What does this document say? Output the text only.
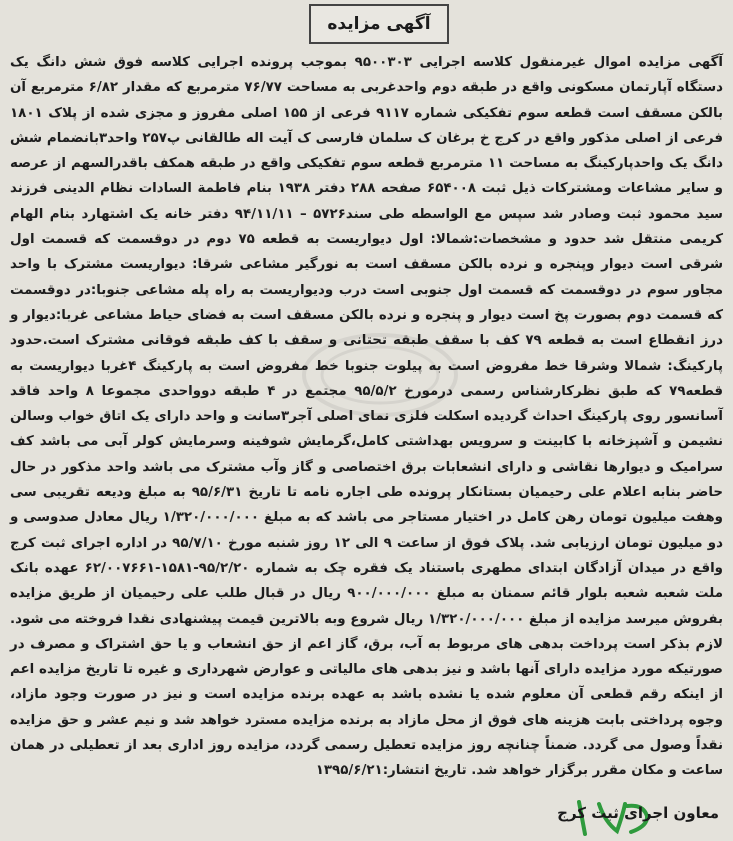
آگهی مزایده
آگهی مزایده اموال غیرمنقول کلاسه اجرایی ۹۵۰۰۳۰۳ بموجب پرونده اجرایی کلاسه فوق شش دانگ یک دستگاه آپارتمان مسکونی واقع در طبقه دوم واحدغربی به مساحت ۷۶/۷۷ مترمربع که مقدار ۶/۸۲ مترمربع آن بالکن مسقف است قطعه سوم تفکیکی شماره ۹۱۱۷ فرعی از ۱۵۵ اصلی مفروز و مجزی شده از پلاک ۱۸۰۱ فرعی از اصلی مذکور واقع در کرج خ برغان ک سلمان فارسی ک آیت اله طالقانی پ۲۵۷ واحد۳بانضمام شش دانگ یک واحدپارکینگ به مساحت ۱۱ مترمربع قطعه سوم تفکیکی واقع در طبقه همکف باقدرالسهم از عرصه و سایر مشاعات ومشترکات ذیل ثبت ۶۵۴۰۰۸ صفحه ۲۸۸ دفتر ۱۹۳۸ بنام فاطمة السادات نظام الدینی فرزند سید محمود ثبت وصادر شد سپس مع الواسطه طی سند۵۷۲۶ – ۹۴/۱۱/۱۱ دفتر خانه یک اشتهارد بنام الهام کریمی منتقل شد حدود و مشخصات:شمالا: اول دیواریست به قطعه ۷۵ دوم در دوقسمت که قسمت اول شرقی است دیوار وپنجره و نرده بالکن مسقف است به نورگیر مشاعی شرقا: دیواریست مشترک با واحد مجاور سوم در دوقسمت که قسمت اول جنوبی است درب ودیواریست به راه پله مشاعی جنوبا:در دوقسمت که قسمت دوم بصورت پخ است دیوار و پنجره و نرده بالکن مسقف است به فضای حیاط مشاعی غربا:دیوار و درز انقطاع است به قطعه ۷۹ کف با سقف طبقه تحتانی و سقف با کف طبقه فوقانی مشترک است.حدود پارکینگ: شمالا وشرقا خط مفروض است به پیلوت جنوبا خط مفروض است به پارکینگ ۴غربا دیواریست به قطعه۷۹ که طبق نظرکارشناس رسمی درمورخ ۹۵/۵/۲ مجتمع در ۴ طبقه دوواحدی مجموعا ۸ واحد فاقد آسانسور روی پارکینگ احداث گردیده اسکلت فلزی نمای اصلی آجر۳سانت و واحد دارای یک اتاق خواب وسالن نشیمن و آشپزخانه با کابینت و سرویس بهداشتی کامل،گرمایش شوفینه وسرمایش کولر آبی می باشد کف سرامیک و دیوارها نقاشی و دارای انشعابات برق اختصاصی و گاز وآب مشترک می باشد واحد مذکور در حال حاضر بنابه اعلام علی رحیمیان بستانکار پرونده طی اجاره نامه تا تاریخ ۹۵/۶/۳۱ به مبلغ ودیعه تقریبی سی وهفت میلیون تومان رهن کامل در اختیار مستاجر می باشد که به مبلغ ۱/۳۲۰/۰۰۰/۰۰۰ ریال معادل صدوسی و دو میلیون تومان ارزیابی شد. پلاک فوق از ساعت ۹ الی ۱۲ روز شنبه مورخ ۹۵/۷/۱۰ در اداره اجرای ثبت کرج واقع در میدان آزادگان ابتدای مطهری باستناد یک فقره چک به شماره ۹۵/۲/۲۰-۱۵۸۱-۶۲/۰۰۷۶۶۱ عهده بانک ملت شعبه شعبه بلوار قائم سمنان به مبلغ ۹۰۰/۰۰۰/۰۰۰ ریال در قبال طلب علی رحیمیان از طریق مزایده بفروش میرسد مزایده از مبلغ ۱/۳۲۰/۰۰۰/۰۰۰ ریال شروع وبه بالاترین قیمت پیشنهادی نقدا فروخته می شود. لازم بذکر است پرداخت بدهی های مربوط به آب، برق، گاز اعم از حق انشعاب و یا حق اشتراک و مصرف در صورتیکه مورد مزایده دارای آنها باشد و نیز بدهی های مالیاتی و عوارض شهرداری و غیره تا تاریخ مزایده اعم از اینکه رقم قطعی آن معلوم شده یا نشده باشد به عهده برنده مزایده است و نیز در صورت وجود مازاد، وجوه پرداختی بابت هزینه های فوق از محل مازاد به برنده مزایده مسترد خواهد شد و نیم عشر و حق مزایده نقداً وصول می گردد. ضمناً چنانچه روز مزایده تعطیل رسمی گردد، مزایده روز اداری بعد از تعطیلی در همان ساعت و مکان مقرر برگزار خواهد شد. تاریخ انتشار:۱۳۹۵/۶/۲۱
معاون اجرای ثبت کرج
